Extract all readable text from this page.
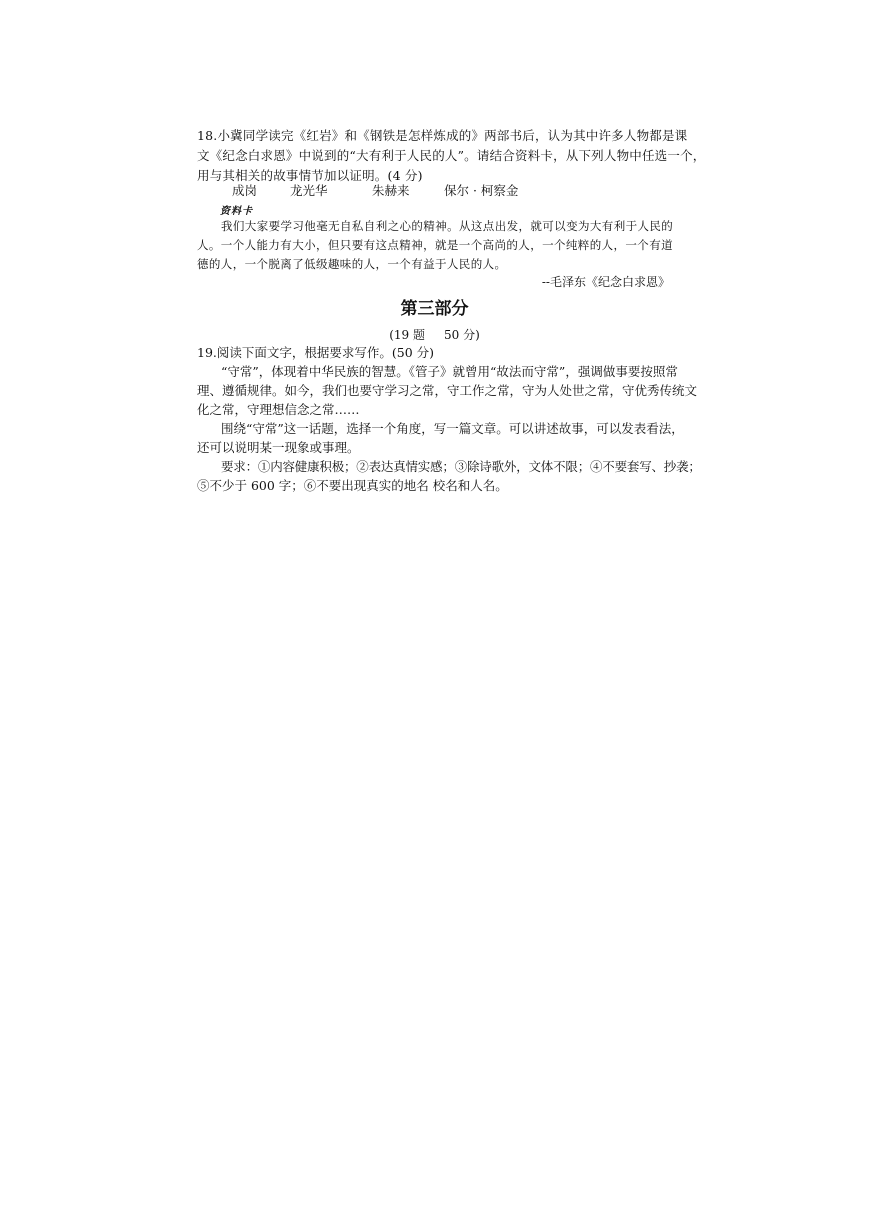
18.小冀同学读完《红岩》和《钢铁是怎样炼成的》两部书后，认为其中许多人物都是课
文《纪念白求恩》中说到的“大有利于人民的人”。请结合资料卡，从下列人物中任选一个，
用与其相关的故事情节加以证明。(4 分)
成岗	龙光华	朱赫来	保尔 · 柯察金
资料卡
我们大家要学习他毫无自私自利之心的精神。从这点出发，就可以变为大有利于人民的
人。一个人能力有大小，但只要有这点精神，就是一个高尚的人，一个纯粹的人，一个有道
德的人，一个脱离了低级趣味的人，一个有益于人民的人。
--毛泽东《纪念白求恩》
第三部分
(19 题     50 分)
19.阅读下面文字，根据要求写作。(50 分)
“守常”，体现着中华民族的智慧。《管子》就曾用“故法而守常”，强调做事要按照常
理、遵循规律。如今，我们也要守学习之常，守工作之常，守为人处世之常，守优秀传统文
化之常，守理想信念之常……
围绕“守常”这一话题，选择一个角度，写一篇文章。可以讲述故事，可以发表看法，
还可以说明某一现象或事理。
要求：①内容健康积极；②表达真情实感；③除诗歌外，文体不限；④不要套写、抄袭；
⑤不少于 600 字；⑥不要出现真实的地名 校名和人名。
